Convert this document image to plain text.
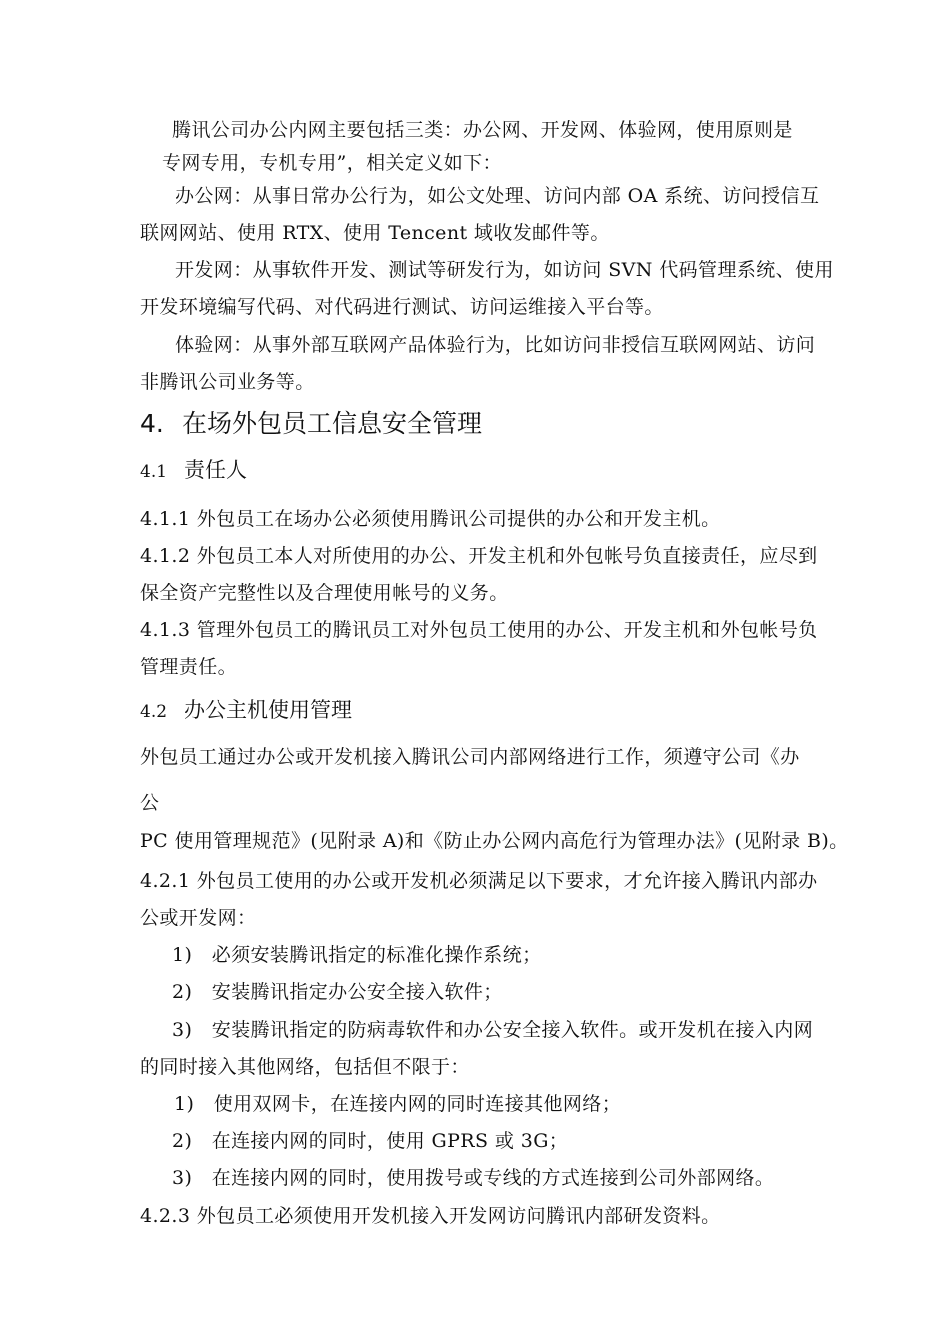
腾讯公司办公内网主要包括三类：办公网、开发网、体验网，使用原则是
专网专用，专机专用”，相关定义如下：
办公网：从事日常办公行为，如公文处理、访问内部 OA 系统、访问授信互
联网网站、使用 RTX、使用 Tencent 域收发邮件等。
开发网：从事软件开发、测试等研发行为，如访问 SVN 代码管理系统、使用
开发环境编写代码、对代码进行测试、访问运维接入平台等。
体验网：从事外部互联网产品体验行为，比如访问非授信互联网网站、访问
非腾讯公司业务等。
4. 在场外包员工信息安全管理
4.1 责任人
4.1.1 外包员工在场办公必须使用腾讯公司提供的办公和开发主机。
4.1.2 外包员工本人对所使用的办公、开发主机和外包帐号负直接责任，应尽到
保全资产完整性以及合理使用帐号的义务。
4.1.3 管理外包员工的腾讯员工对外包员工使用的办公、开发主机和外包帐号负
管理责任。
4.2 办公主机使用管理
外包员工通过办公或开发机接入腾讯公司内部网络进行工作，须遵守公司《办
公
PC 使用管理规范》(见附录 A)和《防止办公网内高危行为管理办法》(见附录 B)。
4.2.1 外包员工使用的办公或开发机必须满足以下要求，才允许接入腾讯内部办
公或开发网：
1)　必须安装腾讯指定的标准化操作系统；
2)　安装腾讯指定办公安全接入软件；
3)　安装腾讯指定的防病毒软件和办公安全接入软件。或开发机在接入内网
的同时接入其他网络，包括但不限于：
1)　使用双网卡，在连接内网的同时连接其他网络；
2)　在连接内网的同时，使用 GPRS 或 3G；
3)　在连接内网的同时，使用拨号或专线的方式连接到公司外部网络。
4.2.3 外包员工必须使用开发机接入开发网访问腾讯内部研发资料。
